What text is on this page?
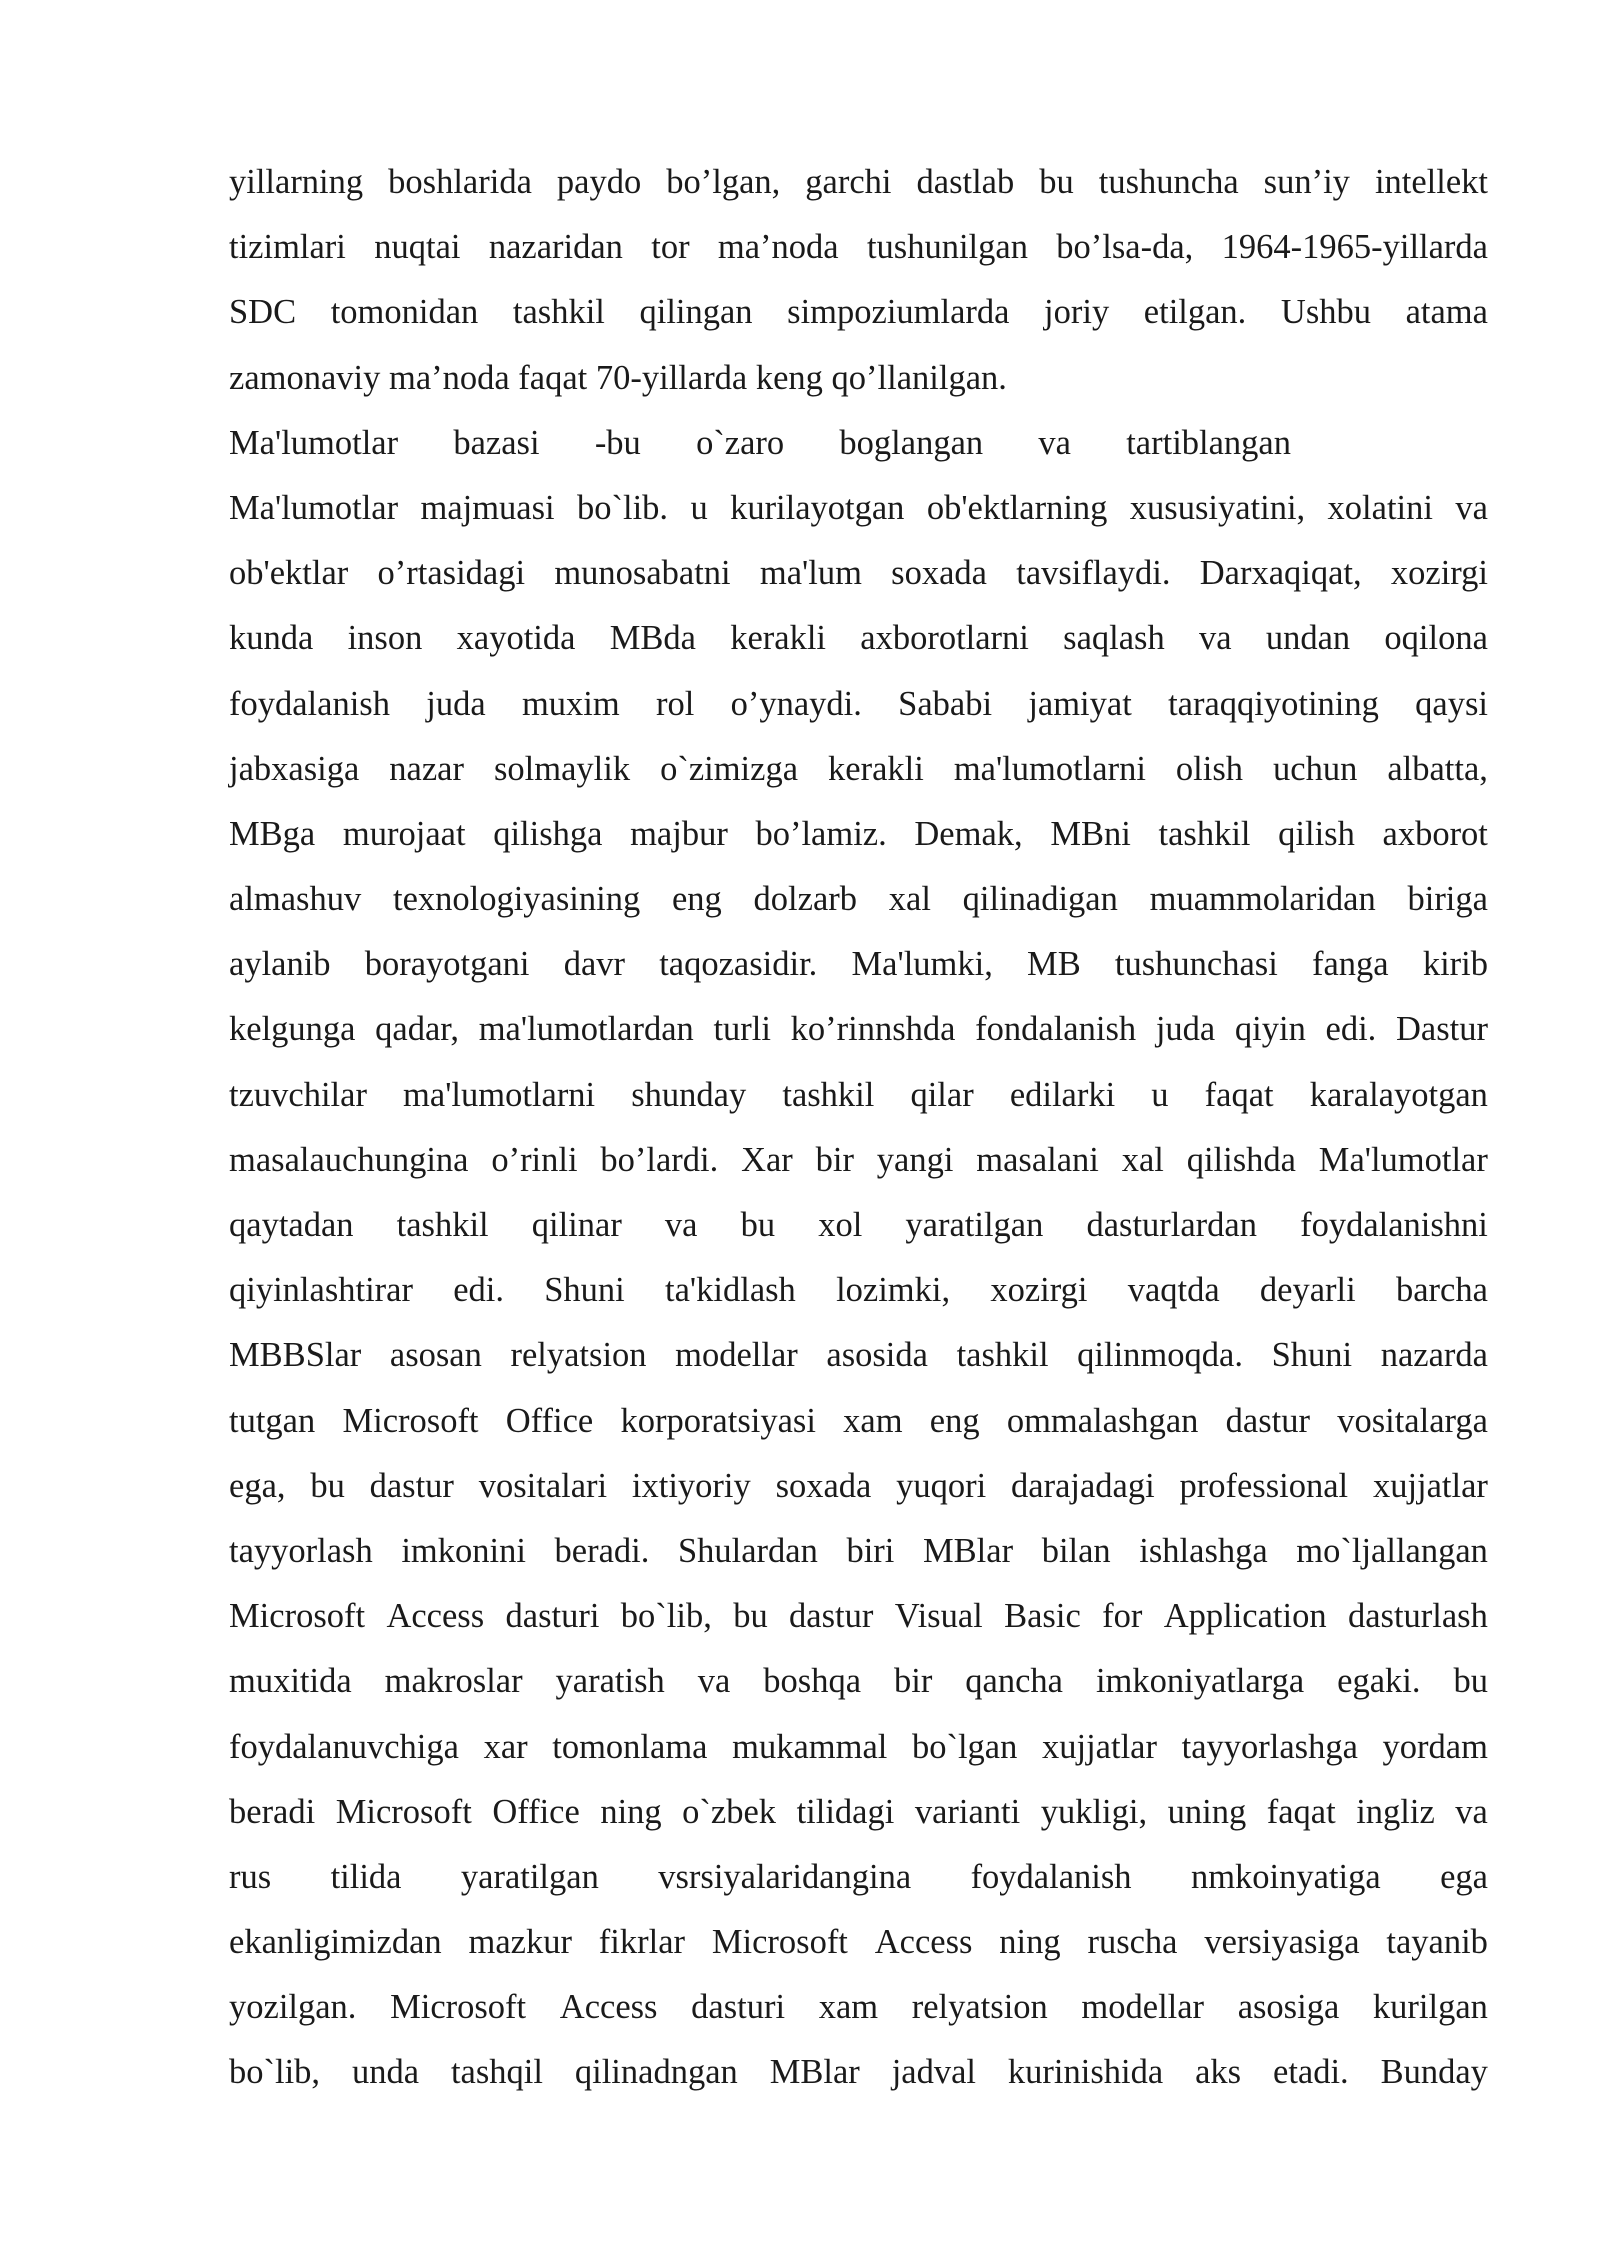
yillarning boshlarida paydo bo’lgan, garchi dastlab bu tushuncha sun’iy intellekt
tizimlari nuqtai nazaridan tor ma’noda tushunilgan bo’lsa-da, 1964-1965-yillarda
SDC tomonidan tashkil qilingan simpoziumlarda joriy etilgan. Ushbu atama
zamonaviy ma’noda faqat 70-yillarda keng qo’llanilgan.
Ma'lumotlar bazasi -bu o`zaro boglangan va tartiblangan
Ma'lumotlar majmuasi bo`lib. u kurilayotgan ob'ektlarning xususiyatini, xolatini va
ob'ektlar o’rtasidagi munosabatni ma'lum soxada tavsiflaydi. Darxaqiqat, xozirgi
kunda inson xayotida MBda kerakli axborotlarni saqlash va undan oqilona
foydalanish juda muxim rol o’ynaydi. Sababi jamiyat taraqqiyotining qaysi
jabxasiga nazar solmaylik o`zimizga kerakli ma'lumotlarni olish uchun albatta,
MBga murojaat qilishga majbur bo’lamiz. Demak, MBni tashkil qilish axborot
almashuv texnologiyasining eng dolzarb xal qilinadigan muammolaridan biriga
aylanib borayotgani davr taqozasidir. Ma'lumki, MB tushunchasi fanga kirib
kelgunga qadar, ma'lumotlardan turli ko’rinnshda fondalanish juda qiyin edi. Dastur
tzuvchilar ma'lumotlarni shunday tashkil qilar edilarki u faqat karalayotgan
masalauchungina o’rinli bo’lardi. Xar bir yangi masalani xal qilishda Ma'lumotlar
qaytadan tashkil qilinar va bu xol yaratilgan dasturlardan foydalanishni
qiyinlashtirar edi. Shuni ta'kidlash lozimki, xozirgi vaqtda deyarli barcha
MBBSlar asosan relyatsion modellar asosida tashkil qilinmoqda. Shuni nazarda
tutgan Microsoft Office korporatsiyasi xam eng ommalashgan dastur vositalarga
ega, bu dastur vositalari ixtiyoriy soxada yuqori darajadagi professional xujjatlar
tayyorlash imkonini beradi. Shulardan biri MBlar bilan ishlashga mo`ljallangan
Microsoft Access dasturi bo`lib, bu dastur Visual Basic for Application dasturlash
muxitida makroslar yaratish va boshqa bir qancha imkoniyatlarga egaki. bu
foydalanuvchiga xar tomonlama mukammal bo`lgan xujjatlar tayyorlashga yordam
beradi Microsoft Office ning o`zbek tilidagi varianti yukligi, uning faqat ingliz va
rus tilida yaratilgan vsrsiyalaridangina foydalanish nmkoinyatiga ega
ekanligimizdan mazkur fikrlar Microsoft Access ning ruscha versiyasiga tayanib
yozilgan. Microsoft Access dasturi xam relyatsion modellar asosiga kurilgan
bo`lib, unda tashqil qilinadngan MBlar jadval kurinishida aks etadi. Bunday
